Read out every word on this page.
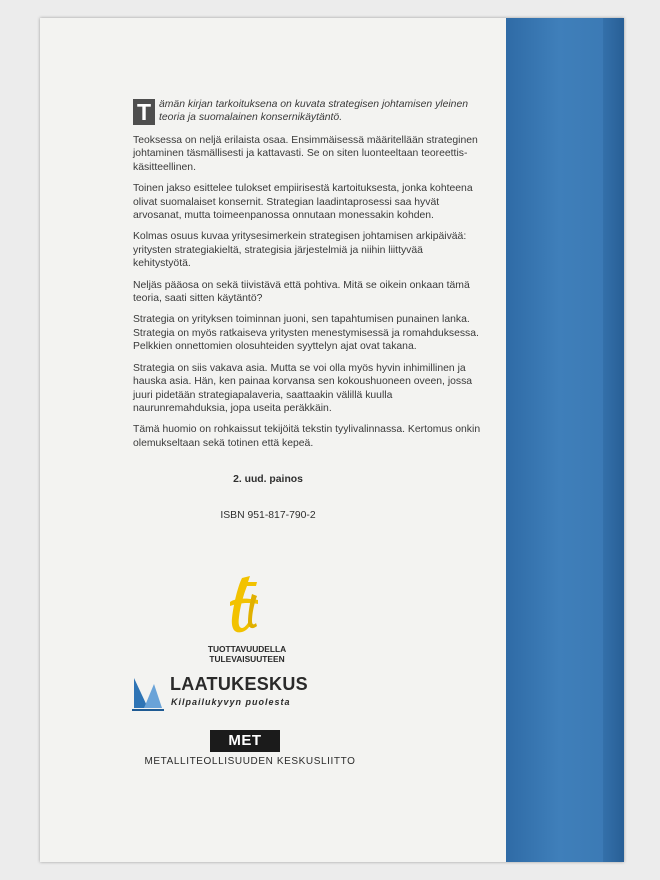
T ämän kirjan tarkoituksena on kuvata strategisen johtamisen yleinen teoria ja suomalainen konsernikäytäntö.

Teoksessa on neljä erilaista osaa. Ensimmäisessä määritellään strateginen johtaminen täsmällisesti ja kattavasti. Se on siten luonteeltaan teoreettis-käsitteellinen.

Toinen jakso esittelee tulokset empiirisestä kartoituksesta, jonka kohteena olivat suomalaiset konsernit. Strategian laadintaprosessi saa hyvät arvosanat, mutta toimeenpanossa onnutaan monessakin kohden.

Kolmas osuus kuvaa yritysesimerkein strategisen johtamisen arkipäivää: yritysten strategiakieltä, strategisia järjestelmiä ja niihin liittyvää kehitystyötä.

Neljäs pääosa on sekä tiivistävä että pohtiva. Mitä se oikein onkaan tämä teoria, saati sitten käytäntö?

Strategia on yrityksen toiminnan juoni, sen tapahtumisen punainen lanka. Strategia on myös ratkaiseva yritysten menestymisessä ja romahduksessa. Pelkkien onnettomien olosuhteiden syyttelyn ajat ovat takana.

Strategia on siis vakava asia. Mutta se voi olla myös hyvin inhimillinen ja hauska asia. Hän, ken painaa korvansa sen kokoushuoneen oveen, jossa juuri pidetään strategiapalaveria, saattaakin välillä kuulla naurunremahduksia, jopa useita peräkkäin.

Tämä huomio on rohkaissut tekijöitä tekstin tyylivalinnassa. Kertomus onkin olemukseltaan sekä totinen että kepeä.

2. uud. painos
ISBN 951-817-790-2
TUOTTAVUUDELLA
TULEVAISUUTEEN
LAATUKESKUS
Kilpailukyvyn puolesta
MET
METALLITEOLLISUUDEN KESKUSLIITTO
